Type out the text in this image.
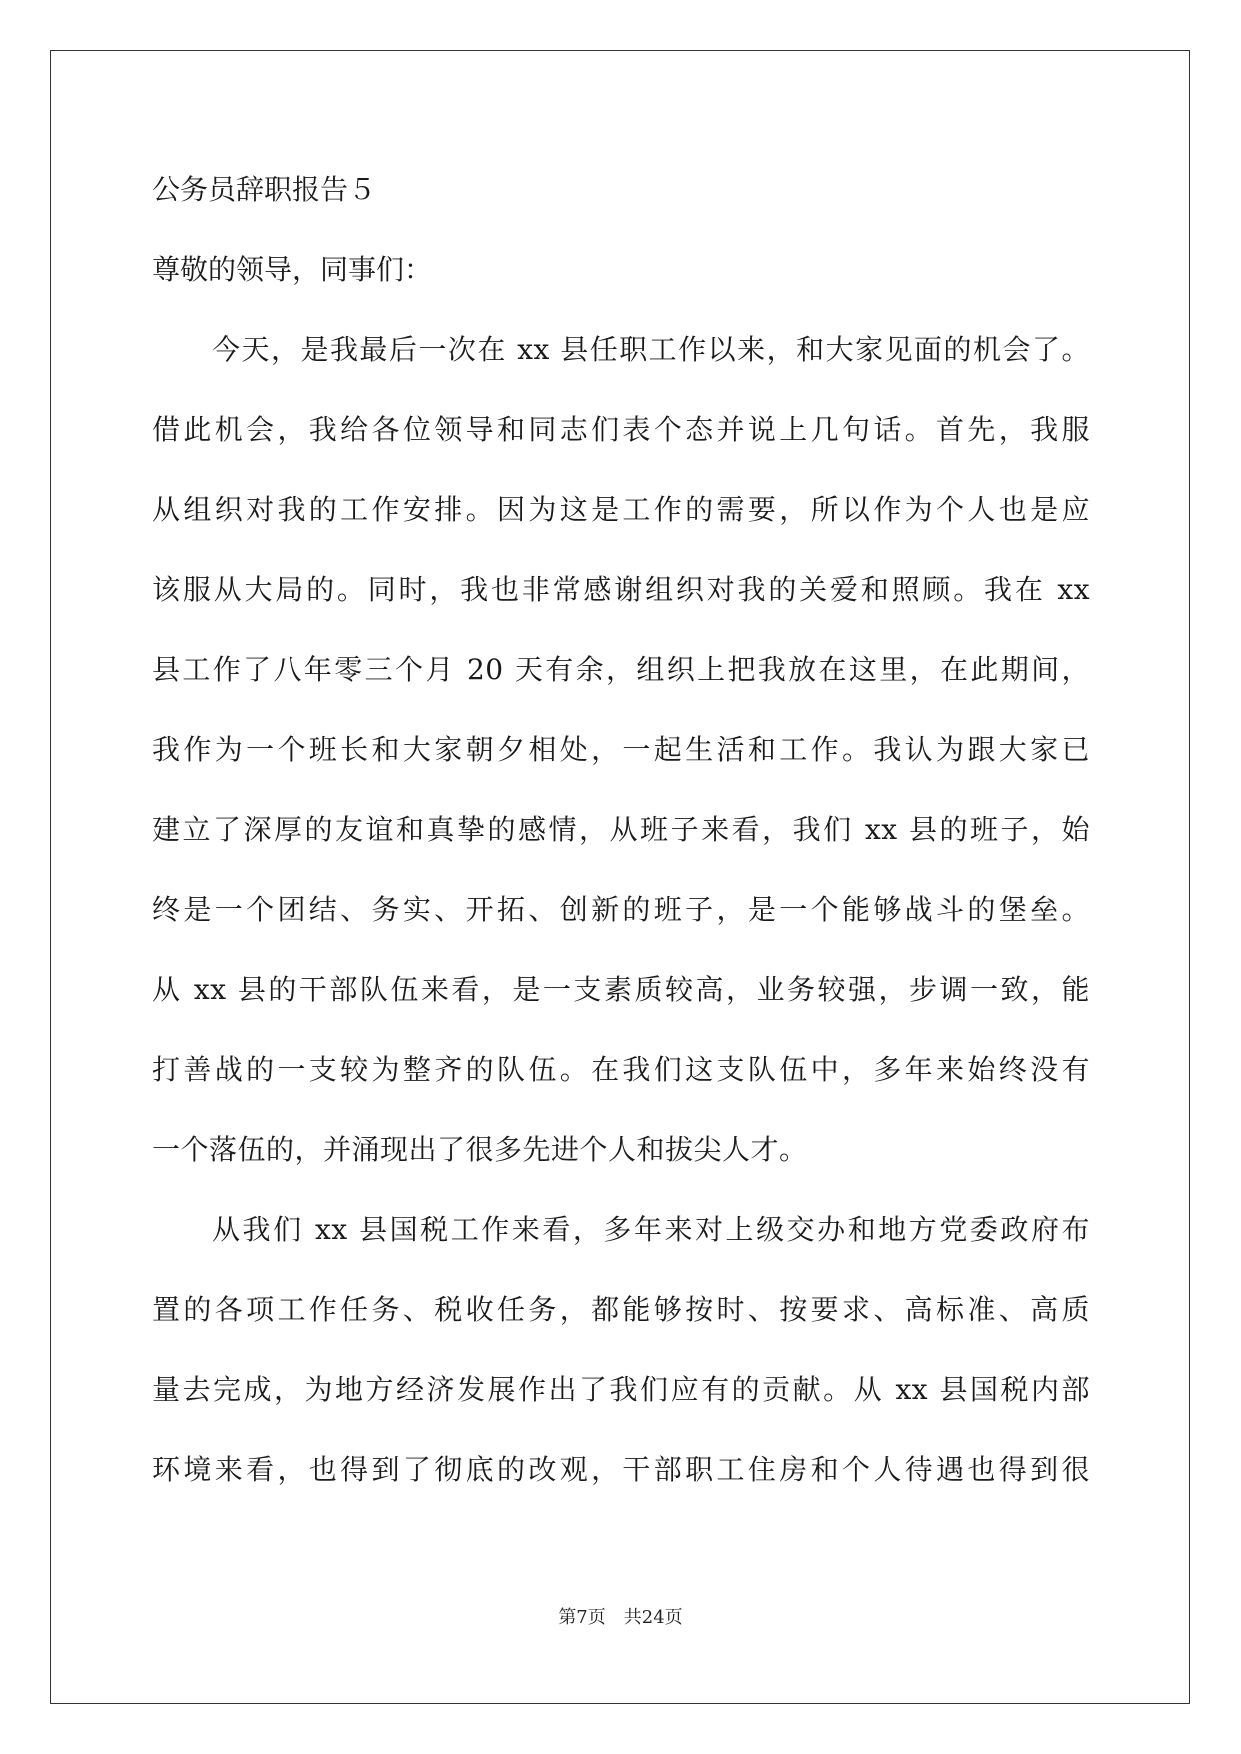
公务员辞职报告５
尊敬的领导，同事们：
今天，是我最后一次在 xx 县任职工作以来，和大家见面的机会了。
借此机会，我给各位领导和同志们表个态并说上几句话。首先，我服
从组织对我的工作安排。因为这是工作的需要，所以作为个人也是应
该服从大局的。同时，我也非常感谢组织对我的关爱和照顾。我在 xx
县工作了八年零三个月 20 天有余，组织上把我放在这里，在此期间，
我作为一个班长和大家朝夕相处，一起生活和工作。我认为跟大家已
建立了深厚的友谊和真挚的感情，从班子来看，我们 xx 县的班子，始
终是一个团结、务实、开拓、创新的班子，是一个能够战斗的堡垒。
从 xx 县的干部队伍来看，是一支素质较高，业务较强，步调一致，能
打善战的一支较为整齐的队伍。在我们这支队伍中，多年来始终没有
一个落伍的，并涌现出了很多先进个人和拔尖人才。
从我们 xx 县国税工作来看，多年来对上级交办和地方党委政府布
置的各项工作任务、税收任务，都能够按时、按要求、高标准、高质
量去完成，为地方经济发展作出了我们应有的贡献。从 xx 县国税内部
环境来看，也得到了彻底的改观，干部职工住房和个人待遇也得到很
第7页　共24页
